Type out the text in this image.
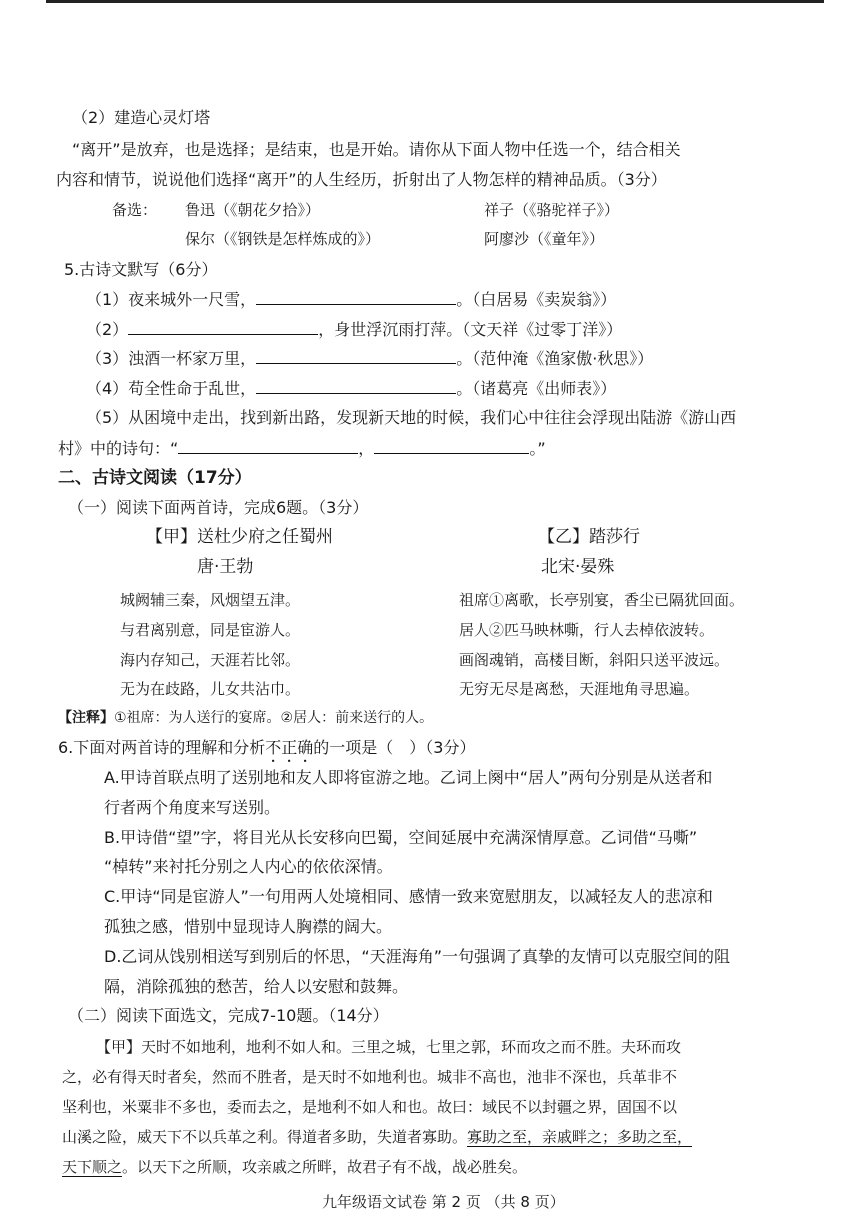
（2）建造心灵灯塔
“离开”是放弃，也是选择；是结束，也是开始。请你从下面人物中任选一个，结合相关
内容和情节，说说他们选择“离开”的人生经历，折射出了人物怎样的精神品质。（3分）
备选： 鲁迅（《朝花夕拾》）	祥子（《骆驼祥子》）
保尔（《钢铁是怎样炼成的》）	阿廖沙（《童年》）
5.古诗文默写（6分）
（1）夜来城外一尺雪，	。（白居易《卖炭翁》）
（2）	，身世浮沉雨打萍。（文天祥《过零丁洋》）
（3）浊酒一杯家万里，	。（范仲淹《渔家傲·秋思》）
（4）苟全性命于乱世，	。（诸葛亮《出师表》）
（5）从困境中走出，找到新出路，发现新天地的时候，我们心中往往会浮现出陆游《游山西
村》中的诗句：“	，	。”
二、古诗文阅读（17分）
（一）阅读下面两首诗，完成6题。（3分）
【甲】送杜少府之任蜀州
唐·王勃
【乙】踏莎行
北宋·晏殊
城阙辅三秦，风烟望五津。
与君离别意，同是宦游人。
海内存知己，天涯若比邻。
无为在歧路，儿女共沾巾。
祖席①离歌，长亭别宴，香尘已隔犹回面。
居人②匹马映林嘶，行人去棹依波转。
画阁魂销，高楼目断，斜阳只送平波远。
无穷无尽是离愁，天涯地角寻思遍。
【注释】①祖席：为人送行的宴席。②居人：前来送行的人。
6.下面对两首诗的理解和分析不正确的一项是（　）（3分）
A.甲诗首联点明了送别地和友人即将宦游之地。乙词上阕中“居人”两句分别是从送者和
行者两个角度来写送别。
B.甲诗借“望”字，将目光从长安移向巴蜀，空间延展中充满深情厚意。乙词借“马嘶”
“棹转”来衬托分别之人内心的依依深情。
C.甲诗“同是宦游人”一句用两人处境相同、感情一致来宽慰朋友，以减轻友人的悲凉和
孤独之感，惜别中显现诗人胸襟的阔大。
D.乙词从饯别相送写到别后的怀思，“天涯海角”一句强调了真挚的友情可以克服空间的阻
隔，消除孤独的愁苦，给人以安慰和鼓舞。
（二）阅读下面选文，完成7-10题。（14分）
【甲】天时不如地利，地利不如人和。三里之城，七里之郭，环而攻之而不胜。夫环而攻
之，必有得天时者矣，然而不胜者，是天时不如地利也。城非不高也，池非不深也，兵革非不
坚利也，米粟非不多也，委而去之，是地利不如人和也。故曰：域民不以封疆之界，固国不以
山溪之险，威天下不以兵革之利。得道者多助，失道者寡助。寡助之至，亲戚畔之；多助之至，
天下顺之。以天下之所顺，攻亲戚之所畔，故君子有不战，战必胜矣。
九年级语文试卷 第 2 页 （共 8 页）
